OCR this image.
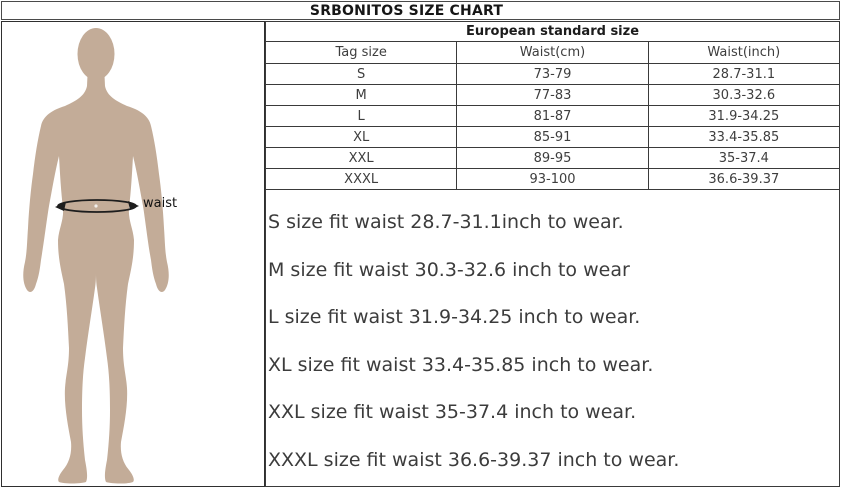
SRBONITOS SIZE CHART
waist
European standard size		
Tag size	Waist(cm)	Waist(inch)
S	73-79	28.7-31.1
M	77-83	30.3-32.6
L	81-87	31.9-34.25
XL	85-91	33.4-35.85
XXL	89-95	35-37.4
XXXL	93-100	36.6-39.37
S size fit waist 28.7-31.1inch to wear.
M size fit waist 30.3-32.6 inch to wear
L size fit waist 31.9-34.25 inch to wear.
XL size fit waist 33.4-35.85 inch to wear.
XXL size fit waist 35-37.4 inch to wear.
XXXL size fit waist 36.6-39.37 inch to wear.
